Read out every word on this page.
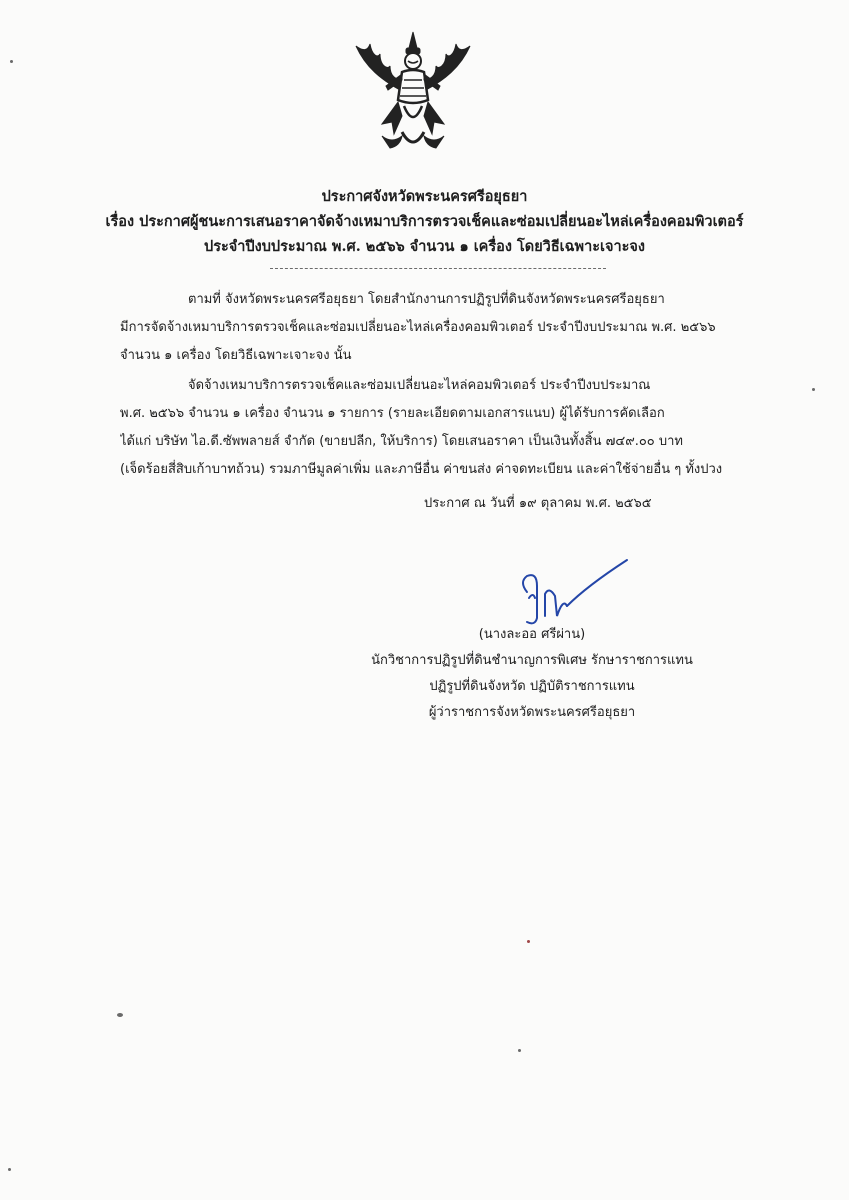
ประกาศจังหวัดพระนครศรีอยุธยา
เรื่อง ประกาศผู้ชนะการเสนอราคาจัดจ้างเหมาบริการตรวจเช็คและซ่อมเปลี่ยนอะไหล่เครื่องคอมพิวเตอร์
ประจำปีงบประมาณ พ.ศ. ๒๕๖๖ จำนวน ๑ เครื่อง โดยวิธีเฉพาะเจาะจง
ตามที่ จังหวัดพระนครศรีอยุธยา โดยสำนักงานการปฏิรูปที่ดินจังหวัดพระนครศรีอยุธยา
มีการจัดจ้างเหมาบริการตรวจเช็คและซ่อมเปลี่ยนอะไหล่เครื่องคอมพิวเตอร์ ประจำปีงบประมาณ พ.ศ. ๒๕๖๖
จำนวน ๑ เครื่อง โดยวิธีเฉพาะเจาะจง นั้น
จัดจ้างเหมาบริการตรวจเช็คและซ่อมเปลี่ยนอะไหล่คอมพิวเตอร์ ประจำปีงบประมาณ
พ.ศ. ๒๕๖๖ จำนวน ๑ เครื่อง จำนวน ๑ รายการ (รายละเอียดตามเอกสารแนบ) ผู้ได้รับการคัดเลือก
ได้แก่ บริษัท ไอ.ดี.ซัพพลายส์ จำกัด (ขายปลีก, ให้บริการ) โดยเสนอราคา เป็นเงินทั้งสิ้น ๗๔๙.๐๐ บาท
(เจ็ดร้อยสี่สิบเก้าบาทถ้วน) รวมภาษีมูลค่าเพิ่ม และภาษีอื่น ค่าขนส่ง ค่าจดทะเบียน และค่าใช้จ่ายอื่น ๆ ทั้งปวง
ประกาศ ณ วันที่ ๑๙ ตุลาคม พ.ศ. ๒๕๖๕
(นางละออ ศรีผ่าน)
นักวิชาการปฏิรูปที่ดินชำนาญการพิเศษ รักษาราชการแทน
ปฏิรูปที่ดินจังหวัด ปฏิบัติราชการแทน
ผู้ว่าราชการจังหวัดพระนครศรีอยุธยา
